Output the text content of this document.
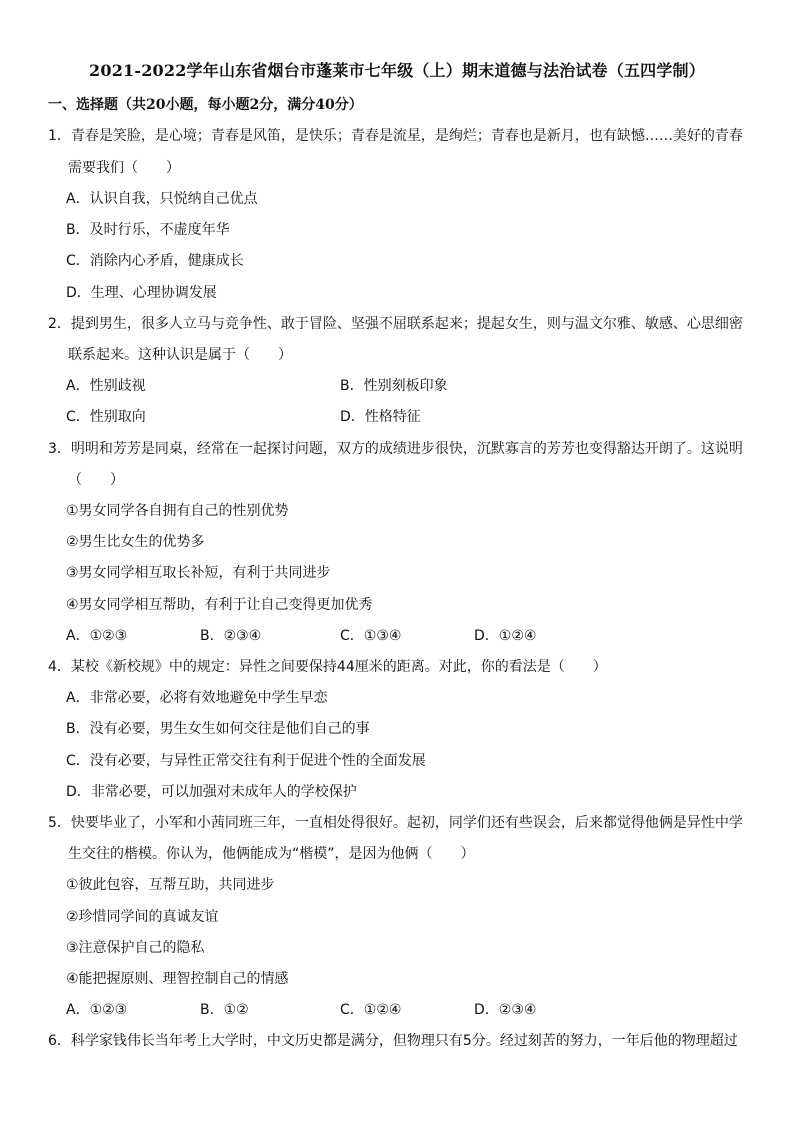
2021-2022学年山东省烟台市蓬莱市七年级（上）期末道德与法治试卷（五四学制）
一、选择题（共20小题，每小题2分，满分40分）
1．青春是笑脸，是心境；青春是风笛，是快乐；青春是流星，是绚烂；青春也是新月，也有缺憾……美好的青春
需要我们（　　）
A．认识自我，只悦纳自己优点
B．及时行乐，不虚度年华
C．消除内心矛盾，健康成长
D．生理、心理协调发展
2．提到男生，很多人立马与竞争性、敢于冒险、坚强不屈联系起来；提起女生，则与温文尔雅、敏感、心思细密
联系起来。这种认识是属于（　　）
A．性别歧视	B．性别刻板印象
C．性别取向	D．性格特征
3．明明和芳芳是同桌，经常在一起探讨问题，双方的成绩进步很快，沉默寡言的芳芳也变得豁达开朗了。这说明
（　　）
①男女同学各自拥有自己的性别优势
②男生比女生的优势多
③男女同学相互取长补短，有利于共同进步
④男女同学相互帮助，有利于让自己变得更加优秀
A．①②③	B．②③④	C．①③④	D．①②④
4．某校《新校规》中的规定：异性之间要保持44厘米的距离。对此，你的看法是（　　）
A．非常必要，必将有效地避免中学生早恋
B．没有必要，男生女生如何交往是他们自己的事
C．没有必要，与异性正常交往有利于促进个性的全面发展
D．非常必要，可以加强对未成年人的学校保护
5．快要毕业了，小军和小茜同班三年，一直相处得很好。起初，同学们还有些误会，后来都觉得他俩是异性中学
生交往的楷模。你认为，他俩能成为“楷模”，是因为他俩（　　）
①彼此包容，互帮互助，共同进步
②珍惜同学间的真诚友谊
③注意保护自己的隐私
④能把握原则、理智控制自己的情感
A．①②③	B．①②	C．①②④	D．②③④
6．科学家钱伟长当年考上大学时，中文历史都是满分，但物理只有5分。经过刻苦的努力，一年后他的物理超过
